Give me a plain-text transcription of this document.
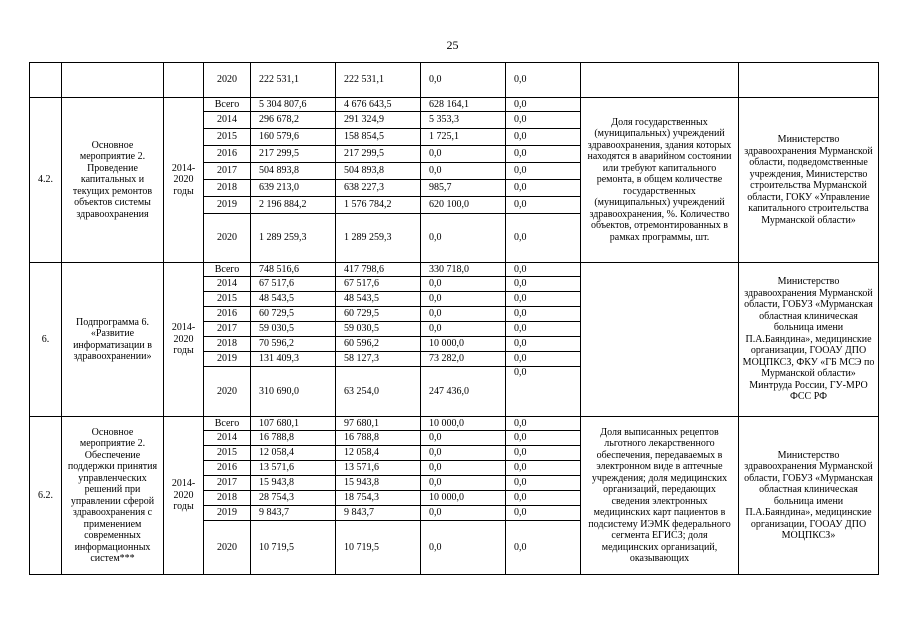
25
			2020	222 531,1	222 531,1	0,0	0,0		
4.2.	Основное мероприятие 2. Проведение капитальных и текущих ремонтов объектов системы здравоохранения	2014-2020 годы	Всего	5 304 807,6	4 676 643,5	628 164,1	0,0	Доля государственных (муниципальных) учреждений здравоохранения, здания которых находятся в аварийном состоянии или требуют капитального ремонта, в общем количестве государственных (муниципальных) учреждений здравоохранения, %. Количество объектов, отремонтированных в рамках программы, шт.	Министерство здравоохранения Мурманской области, подведомственные учреждения, Министерство строительства Мурманской области, ГОКУ «Управление капитального строительства Мурманской области»
			2014	296 678,2	291 324,9	5 353,3	0,0		
			2015	160 579,6	158 854,5	1 725,1	0,0		
			2016	217 299,5	217 299,5	0,0	0,0		
			2017	504 893,8	504 893,8	0,0	0,0		
			2018	639 213,0	638 227,3	985,7	0,0		
			2019	2 196 884,2	1 576 784,2	620 100,0	0,0		
			2020	1 289 259,3	1 289 259,3	0,0	0,0		
6.	Подпрограмма 6. «Развитие информатизации в здравоохранении»	2014-2020 годы	Всего	748 516,6	417 798,6	330 718,0	0,0		Министерство здравоохранения Мурманской области, ГОБУЗ «Мурманская областная клиническая больница имени П.А.Баяндина», медицинские организации, ГООАУ ДПО МОЦПКСЗ, ФКУ «ГБ МСЭ по Мурманской области» Минтруда России, ГУ-МРО ФСС РФ
			2014	67 517,6	67 517,6	0,0	0,0		
			2015	48 543,5	48 543,5	0,0	0,0		
			2016	60 729,5	60 729,5	0,0	0,0		
			2017	59 030,5	59 030,5	0,0	0,0		
			2018	70 596,2	60 596,2	10 000,0	0,0		
			2019	131 409,3	58 127,3	73 282,0	0,0		
			2020	310 690,0	63 254,0	247 436,0	0,0		
6.2.	Основное мероприятие 2. Обеспечение поддержки принятия управленческих решений при управлении сферой здравоохранения с применением современных информационных систем***	2014-2020 годы	Всего	107 680,1	97 680,1	10 000,0	0,0	Доля выписанных рецептов льготного лекарственного обеспечения, передаваемых в электронном виде в аптечные учреждения; доля медицинских организаций, передающих сведения электронных медицинских карт пациентов в подсистему ИЭМК федерального сегмента ЕГИСЗ; доля медицинских организаций, оказывающих	Министерство здравоохранения Мурманской области, ГОБУЗ «Мурманская областная клиническая больница имени П.А.Баяндина», медицинские организации, ГООАУ ДПО МОЦПКСЗ»
			2014	16 788,8	16 788,8	0,0	0,0		
			2015	12 058,4	12 058,4	0,0	0,0		
			2016	13 571,6	13 571,6	0,0	0,0		
			2017	15 943,8	15 943,8	0,0	0,0		
			2018	28 754,3	18 754,3	10 000,0	0,0		
			2019	9 843,7	9 843,7	0,0	0,0		
			2020	10 719,5	10 719,5	0,0	0,0		
